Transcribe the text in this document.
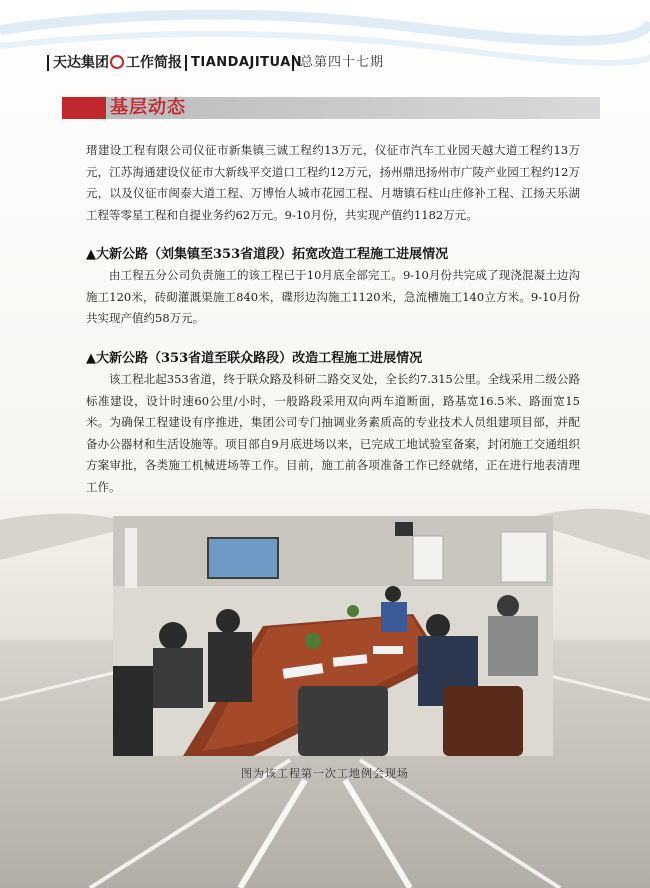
天达集团 工作简报 TIANDAJITUAN
总第四十七期
基层动态
瑨建设工程有限公司仪征市新集镇三诚工程约13万元，仪征市汽车工业园天越大道工程约13万元，江苏海通建设仪征市大新线平交道口工程约12万元，扬州鼎迅扬州市广陵产业园工程约12万元，以及仪征市闽泰大道工程、万博怡人城市花园工程、月塘镇石柱山庄修补工程、江扬天乐湖工程等零星工程和自提业务约62万元。9-10月份，共实现产值约1182万元。
▲大新公路（刘集镇至353省道段）拓宽改造工程施工进展情况
由工程五分公司负责施工的该工程已于10月底全部完工。9-10月份共完成了现浇混凝土边沟施工120米，砖砌灌溉渠施工840米，碟形边沟施工1120米，急流槽施工140立方米。9-10月份共实现产值约58万元。
▲大新公路（353省道至联众路段）改造工程施工进展情况
该工程北起353省道，终于联众路及科研二路交叉处，全长约7.315公里。全线采用二级公路标准建设，设计时速60公里/小时，一般路段采用双向两车道断面，路基宽16.5米、路面宽15米。为确保工程建设有序推进，集团公司专门抽调业务素质高的专业技术人员组建项目部，并配备办公器材和生活设施等。项目部自9月底进场以来，已完成工地试验室备案，封闭施工交通组织方案审批，各类施工机械进场等工作。目前，施工前各项准备工作已经就绪，正在进行地表清理工作。
图为该工程第一次工地例会现场
